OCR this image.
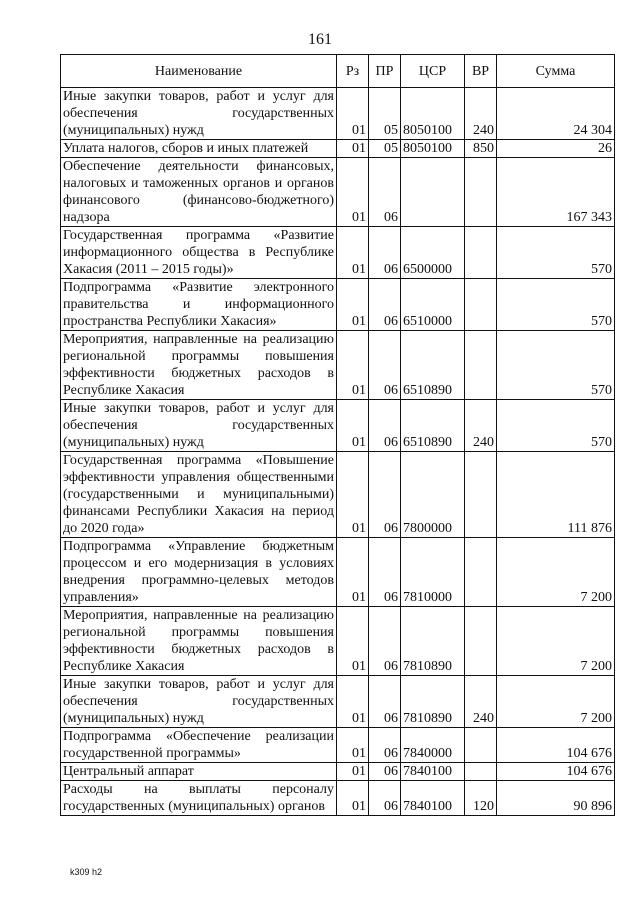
161
Наименование	Рз	ПР	ЦСР	ВР	Сумма
Иные закупки товаров, работ и услуг для обеспечения государственных (муниципальных) нужд	01	05	8050100	240	24 304
Уплата налогов, сборов и иных платежей	01	05	8050100	850	26
Обеспечение деятельности финансовых, налоговых и таможенных органов и органов финансового (финансово-бюджетного) надзора	01	06			167 343
Государственная программа «Развитие информационного общества в Республике Хакасия (2011 – 2015 годы)»	01	06	6500000		570
Подпрограмма «Развитие электронного правительства и информационного пространства Республики Хакасия»	01	06	6510000		570
Мероприятия, направленные на реализацию региональной программы повышения эффективности бюджетных расходов в Республике Хакасия	01	06	6510890		570
Иные закупки товаров, работ и услуг для обеспечения государственных (муниципальных) нужд	01	06	6510890	240	570
Государственная программа «Повышение эффективности управления общественными (государственными и муниципальными) финансами Республики Хакасия на период до 2020 года»	01	06	7800000		111 876
Подпрограмма «Управление бюджетным процессом и его модернизация в условиях внедрения программно-целевых методов управления»	01	06	7810000		7 200
Мероприятия, направленные на реализацию региональной программы повышения эффективности бюджетных расходов в Республике Хакасия	01	06	7810890		7 200
Иные закупки товаров, работ и услуг для обеспечения государственных (муниципальных) нужд	01	06	7810890	240	7 200
Подпрограмма «Обеспечение реализации государственной программы»	01	06	7840000		104 676
Центральный аппарат	01	06	7840100		104 676
Расходы на выплаты персоналу государственных (муниципальных) органов	01	06	7840100	120	90 896
k309 h2
